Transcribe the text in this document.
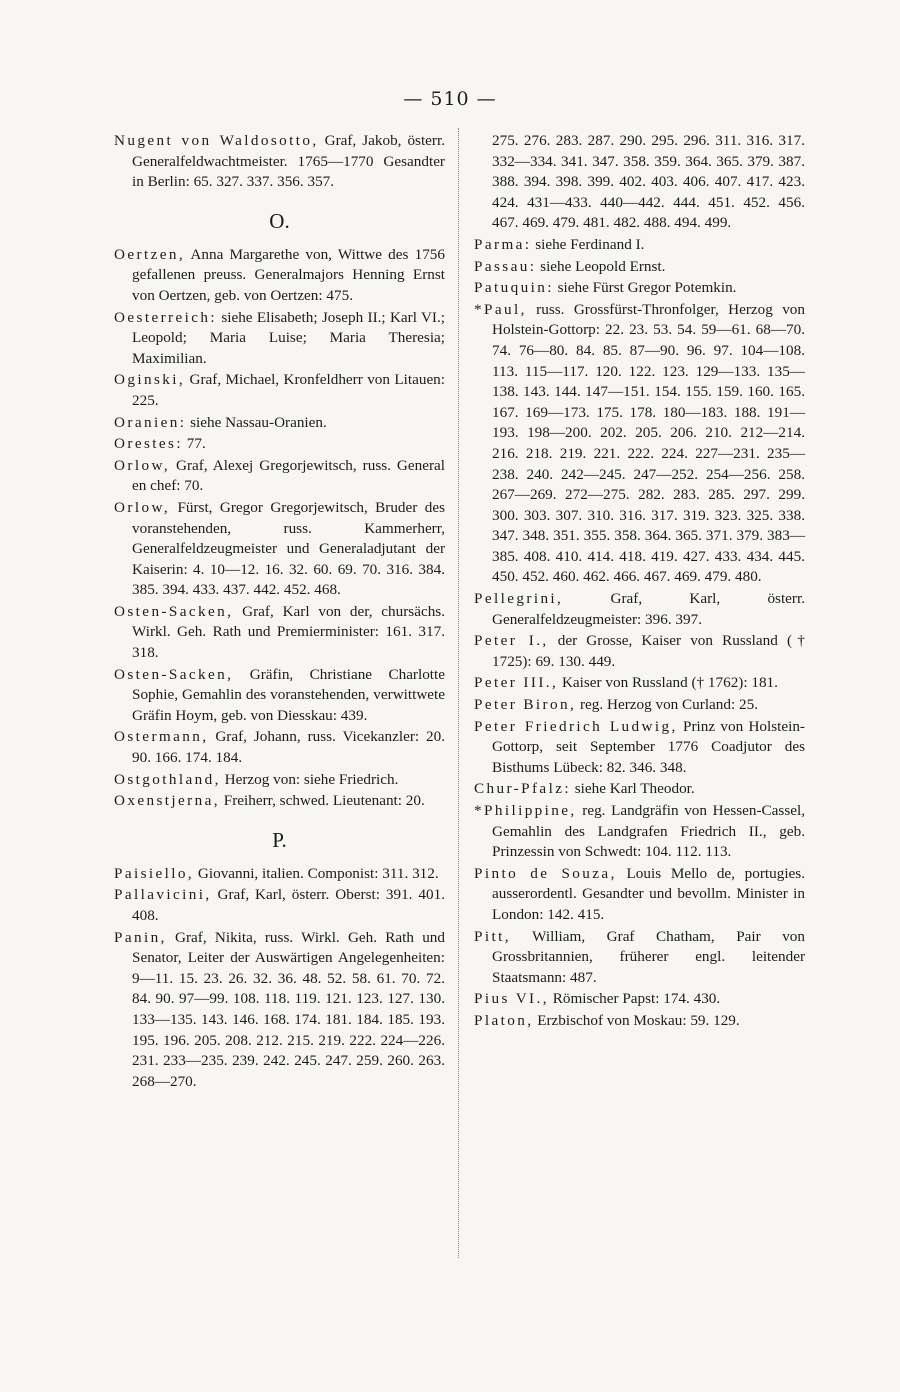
— 510 —
Nugent von Waldosotto, Graf, Jakob, österr. Generalfeldwachtmeister. 1765—1770 Gesandter in Berlin: 65. 327. 337. 356. 357.
O.
Oertzen, Anna Margarethe von, Wittwe des 1756 gefallenen preuss. Generalmajors Henning Ernst von Oertzen, geb. von Oertzen: 475.
Oesterreich: siehe Elisabeth; Joseph II.; Karl VI.; Leopold; Maria Luise; Maria Theresia; Maximilian.
Oginski, Graf, Michael, Kronfeldherr von Litauen: 225.
Oranien: siehe Nassau-Oranien.
Orestes: 77.
Orlow, Graf, Alexej Gregorjewitsch, russ. General en chef: 70.
Orlow, Fürst, Gregor Gregorjewitsch, Bruder des voranstehenden, russ. Kammerherr, Generalfeldzeugmeister und Generaladjutant der Kaiserin: 4. 10—12. 16. 32. 60. 69. 70. 316. 384. 385. 394. 433. 437. 442. 452. 468.
Osten-Sacken, Graf, Karl von der, chursächs. Wirkl. Geh. Rath und Premierminister: 161. 317. 318.
Osten-Sacken, Gräfin, Christiane Charlotte Sophie, Gemahlin des voranstehenden, verwittwete Gräfin Hoym, geb. von Diesskau: 439.
Ostermann, Graf, Johann, russ. Vicekanzler: 20. 90. 166. 174. 184.
Ostgothland, Herzog von: siehe Friedrich.
Oxenstjerna, Freiherr, schwed. Lieutenant: 20.
P.
Paisiello, Giovanni, italien. Componist: 311. 312.
Pallavicini, Graf, Karl, österr. Oberst: 391. 401. 408.
Panin, Graf, Nikita, russ. Wirkl. Geh. Rath und Senator, Leiter der Auswärtigen Angelegenheiten: 9—11. 15. 23. 26. 32. 36. 48. 52. 58. 61. 70. 72. 84. 90. 97—99. 108. 118. 119. 121. 123. 127. 130. 133—135. 143. 146. 168. 174. 181. 184. 185. 193. 195. 196. 205. 208. 212. 215. 219. 222. 224—226. 231. 233—235. 239. 242. 245. 247. 259. 260. 263. 268—270.
275. 276. 283. 287. 290. 295. 296. 311. 316. 317. 332—334. 341. 347. 358. 359. 364. 365. 379. 387. 388. 394. 398. 399. 402. 403. 406. 407. 417. 423. 424. 431—433. 440—442. 444. 451. 452. 456. 467. 469. 479. 481. 482. 488. 494. 499.
Parma: siehe Ferdinand I.
Passau: siehe Leopold Ernst.
Patuquin: siehe Fürst Gregor Potemkin.
*Paul, russ. Grossfürst-Thronfolger, Herzog von Holstein-Gottorp: 22. 23. 53. 54. 59—61. 68—70. 74. 76—80. 84. 85. 87—90. 96. 97. 104—108. 113. 115—117. 120. 122. 123. 129—133. 135—138. 143. 144. 147—151. 154. 155. 159. 160. 165. 167. 169—173. 175. 178. 180—183. 188. 191—193. 198—200. 202. 205. 206. 210. 212—214. 216. 218. 219. 221. 222. 224. 227—231. 235—238. 240. 242—245. 247—252. 254—256. 258. 267—269. 272—275. 282. 283. 285. 297. 299. 300. 303. 307. 310. 316. 317. 319. 323. 325. 338. 347. 348. 351. 355. 358. 364. 365. 371. 379. 383—385. 408. 410. 414. 418. 419. 427. 433. 434. 445. 450. 452. 460. 462. 466. 467. 469. 479. 480.
Pellegrini, Graf, Karl, österr. Generalfeldzeugmeister: 396. 397.
Peter I., der Grosse, Kaiser von Russland († 1725): 69. 130. 449.
Peter III., Kaiser von Russland († 1762): 181.
Peter Biron, reg. Herzog von Curland: 25.
Peter Friedrich Ludwig, Prinz von Holstein-Gottorp, seit September 1776 Coadjutor des Bisthums Lübeck: 82. 346. 348.
Chur-Pfalz: siehe Karl Theodor.
*Philippine, reg. Landgräfin von Hessen-Cassel, Gemahlin des Landgrafen Friedrich II., geb. Prinzessin von Schwedt: 104. 112. 113.
Pinto de Souza, Louis Mello de, portugies. ausserordentl. Gesandter und bevollm. Minister in London: 142. 415.
Pitt, William, Graf Chatham, Pair von Grossbritannien, früherer engl. leitender Staatsmann: 487.
Pius VI., Römischer Papst: 174. 430.
Platon, Erzbischof von Moskau: 59. 129.
